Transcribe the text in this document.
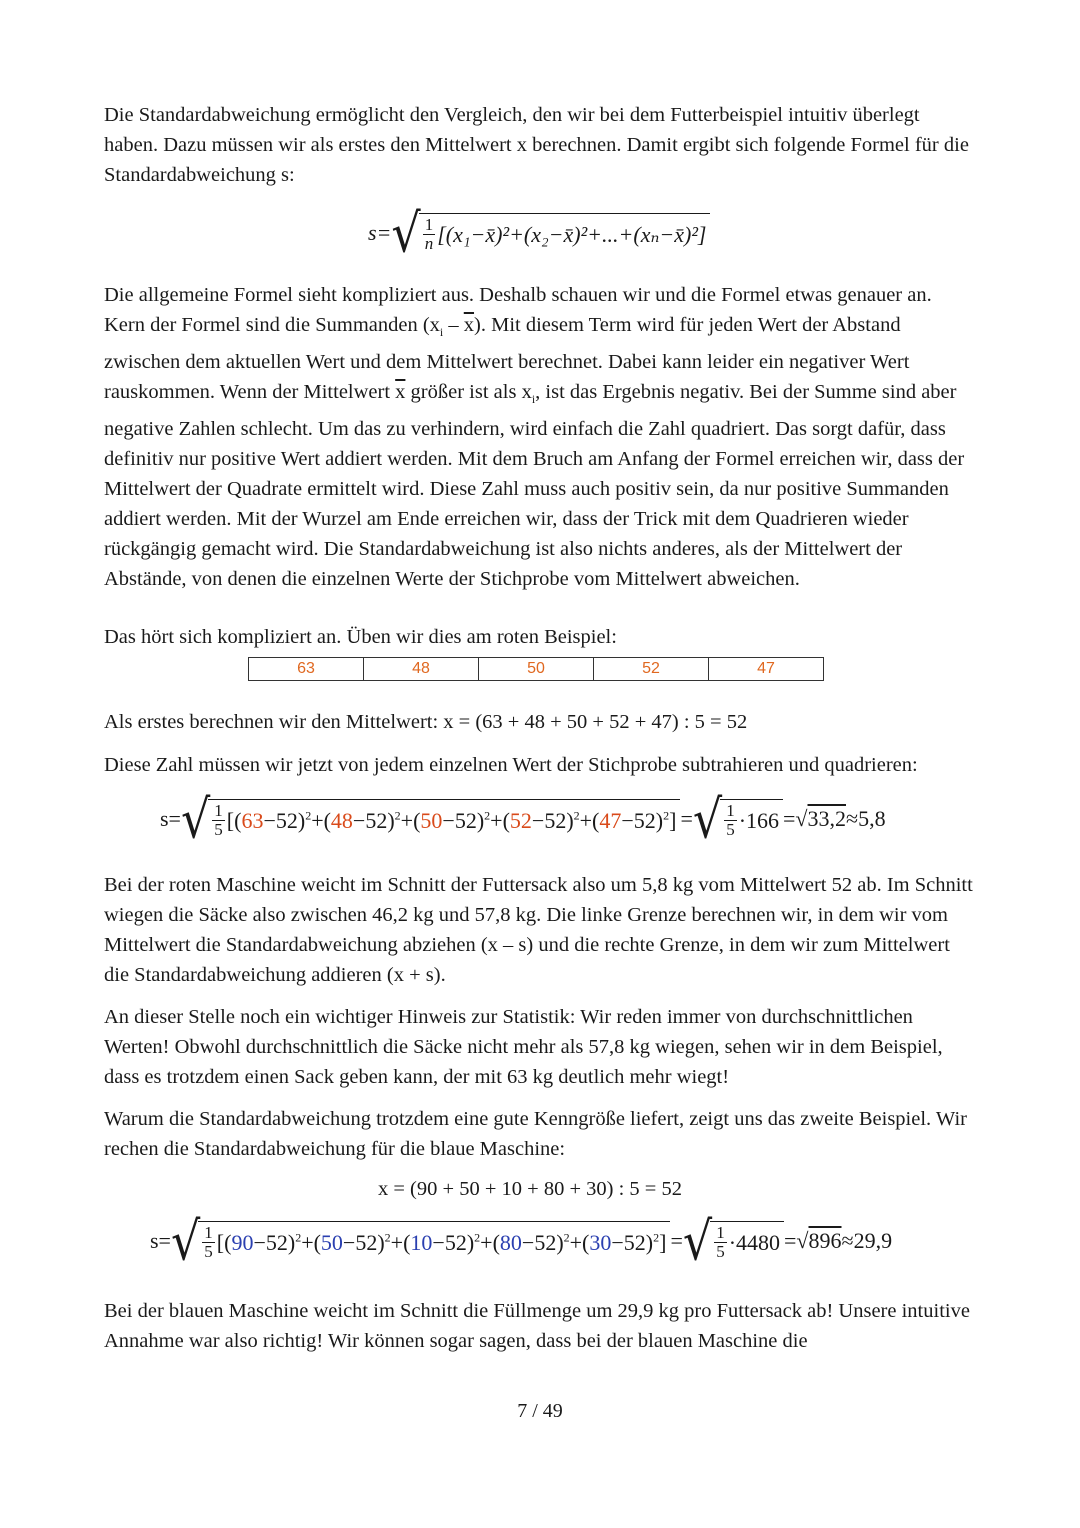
Die Standardabweichung ermöglicht den Vergleich, den wir bei dem Futterbeispiel intuitiv überlegt haben. Dazu müssen wir als erstes den Mittelwert x berechnen. Damit ergibt sich folgende Formel für die Standardabweichung s:

s= √ $\frac{1}{n}$ [(x₁−x̄)²+(x₂−x̄)²+...+(xₙ−x̄)²]

Die allgemeine Formel sieht kompliziert aus. Deshalb schauen wir und die Formel etwas genauer an. Kern der Formel sind die Summanden $(x_i - \overline{x})$. Mit diesem Term wird für jeden Wert der Abstand zwischen dem aktuellen Wert und dem Mittelwert berechnet. Dabei kann leider ein negativer Wert rauskommen. Wenn der Mittelwert $\overline{x}$ größer ist als $x_i$, ist das Ergebnis negativ. Bei der Summe sind aber negative Zahlen schlecht. Um das zu verhindern, wird einfach die Zahl quadriert. Das sorgt dafür, dass definitiv nur positive Wert addiert werden. Mit dem Bruch am Anfang der Formel erreichen wir, dass der Mittelwert der Quadrate ermittelt wird. Diese Zahl muss auch positiv sein, da nur positive Summanden addiert werden. Mit der Wurzel am Ende erreichen wir, dass der Trick mit dem Quadrieren wieder rückgängig gemacht wird. Die Standardabweichung ist also nichts anderes, als der Mittelwert der Abstände, von denen die einzelnen Werte der Stichprobe vom Mittelwert abweichen.

Das hört sich kompliziert an. Üben wir dies am roten Beispiel:

63	48	50	52	47

Als erstes berechnen wir den Mittelwert: x = (63 + 48 + 50 + 52 + 47) : 5 = 52

Diese Zahl müssen wir jetzt von jedem einzelnen Wert der Stichprobe subtrahieren und quadrieren:

s= √ $\frac{1}{5} [(63-52)^2+(48-52)^2+(50-52)^2+(52-52)^2+(47-52)^2]$ = √ $\frac{1}{5} \cdot 166$ =√ 33,2 ≈ 5,8

Bei der roten Maschine weicht im Schnitt der Futtersack also um 5,8 kg vom Mittelwert 52 ab. Im Schnitt wiegen die Säcke also zwischen 46,2 kg und 57,8 kg. Die linke Grenze berechnen wir, in dem wir vom Mittelwert die Standardabweichung abziehen (x – s) und die rechte Grenze, in dem wir zum Mittelwert die Standardabweichung addieren (x + s).

An dieser Stelle noch ein wichtiger Hinweis zur Statistik: Wir reden immer von durchschnittlichen Werten! Obwohl durchschnittlich die Säcke nicht mehr als 57,8 kg wiegen, sehen wir in dem Beispiel, dass es trotzdem einen Sack geben kann, der mit 63 kg deutlich mehr wiegt!

Warum die Standardabweichung trotzdem eine gute Kenngröße liefert, zeigt uns das zweite Beispiel. Wir rechen die Standardabweichung für die blaue Maschine:

x = (90 + 50 + 10 + 80 + 30) : 5 = 52
s= √ $\frac{1}{5} [(90-52)^2+(50-52)^2+(10-52)^2+(80-52)^2+(30-52)^2]$ = √ $\frac{1}{5} \cdot 4480$ =√ 896 ≈ 29,9

Bei der blauen Maschine weicht im Schnitt die Füllmenge um 29,9 kg pro Futtersack ab! Unsere intuitive Annahme war also richtig! Wir können sogar sagen, dass bei der blauen Maschine die

7 / 49
